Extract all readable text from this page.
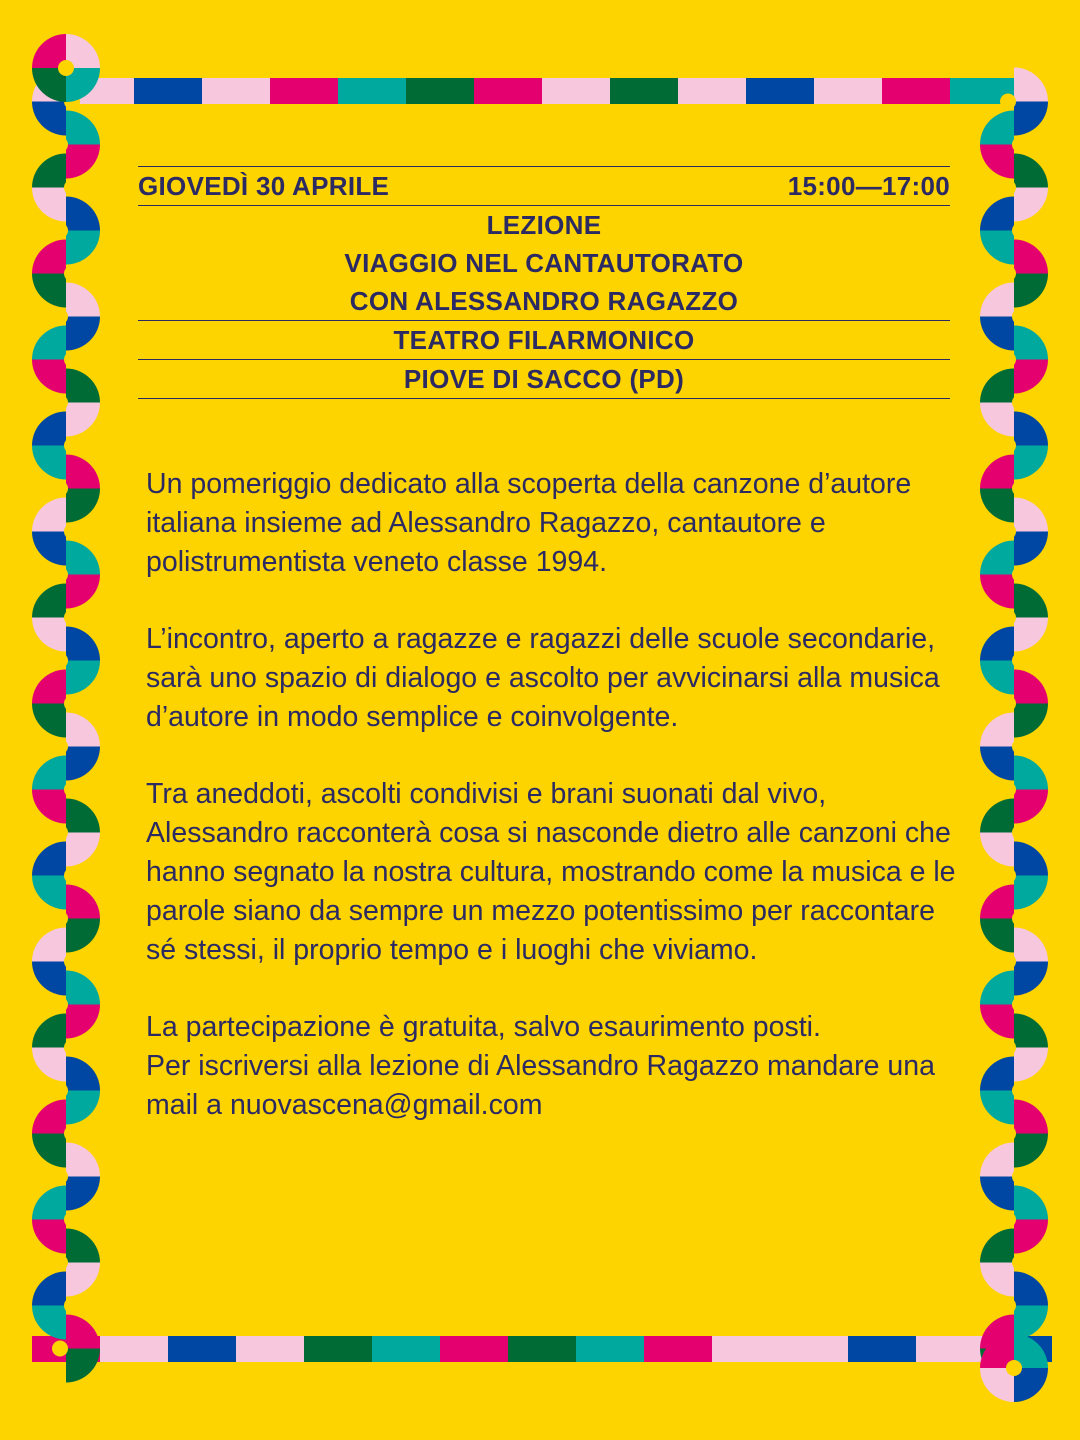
GIOVEDÌ 30 APRILE	15:00—17:00
LEZIONE
VIAGGIO NEL CANTAUTORATO
CON ALESSANDRO RAGAZZO
TEATRO FILARMONICO
PIOVE DI SACCO (PD)

Un pomeriggio dedicato alla scoperta della canzone d’autore italiana insieme ad Alessandro Ragazzo, cantautore e polistrumentista veneto classe 1994.

L’incontro, aperto a ragazze e ragazzi delle scuole secondarie, sarà uno spazio di dialogo e ascolto per avvicinarsi alla musica d’autore in modo semplice e coinvolgente.

Tra aneddoti, ascolti condivisi e brani suonati dal vivo, Alessandro racconterà cosa si nasconde dietro alle canzoni che hanno segnato la nostra cultura, mostrando come la musica e le parole siano da sempre un mezzo potentissimo per raccontare sé stessi, il proprio tempo e i luoghi che viviamo.

La partecipazione è gratuita, salvo esaurimento posti.

Per iscriversi alla lezione di Alessandro Ragazzo mandare una mail a nuovascena@gmail.com
